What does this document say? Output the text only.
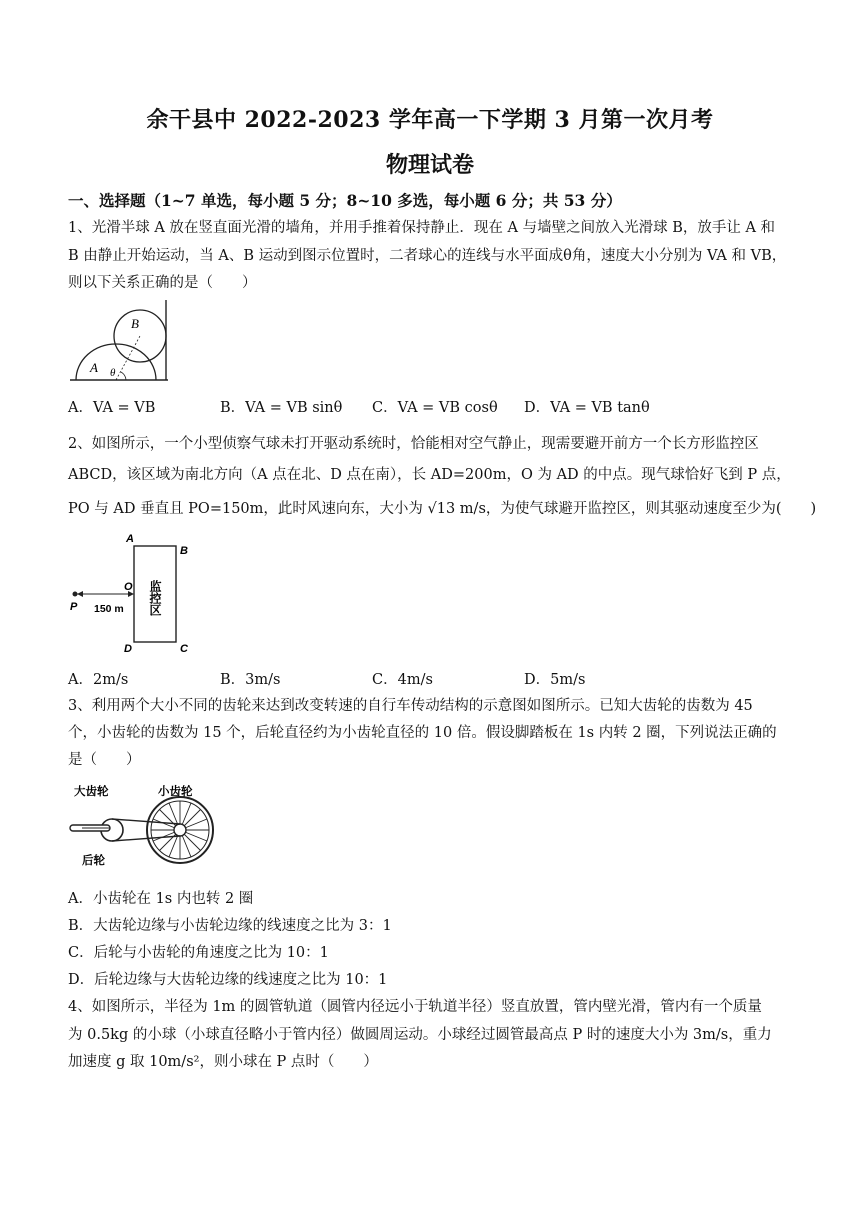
余干县中 2022-2023 学年高一下学期 3 月第一次月考
物理试卷
一、选择题（1~7 单选，每小题 5 分；8~10 多选，每小题 6 分；共 53 分）
1、光滑半球 A 放在竖直面光滑的墙角，并用手推着保持静止．现在 A 与墙壁之间放入光滑球 B，放手让 A 和
B 由静止开始运动，当 A、B 运动到图示位置时，二者球心的连线与水平面成θ角，速度大小分别为 VA 和 VB，
则以下关系正确的是（　　）
A
B
θ
A．VA = VB	B．VA = VB sinθ C．VA = VB cosθ D．VA = VB tanθ
2、如图所示，一个小型侦察气球未打开驱动系统时，恰能相对空气静止，现需要避开前方一个长方形监控区
ABCD，该区域为南北方向（A 点在北、D 点在南），长 AD=200m，O 为 AD 的中点。现气球恰好飞到 P 点，
PO 与 AD 垂直且 PO=150m，此时风速向东，大小为 √13 m/s，为使气球避开监控区，则其驱动速度至少为(　　)
A
B
C
D
O
P 150 m 监控区
A．2m/s	B．3m/s	C．4m/s	D．5m/s
3、利用两个大小不同的齿轮来达到改变转速的自行车传动结构的示意图如图所示。已知大齿轮的齿数为 45
个，小齿轮的齿数为 15 个，后轮直径约为小齿轮直径的 10 倍。假设脚踏板在 1s 内转 2 圈，下列说法正确的
是（　　）
大齿轮	小齿轮
后轮
A．小齿轮在 1s 内也转 2 圈
B．大齿轮边缘与小齿轮边缘的线速度之比为 3：1
C．后轮与小齿轮的角速度之比为 10：1
D．后轮边缘与大齿轮边缘的线速度之比为 10：1
4、如图所示，半径为 1m 的圆管轨道（圆管内径远小于轨道半径）竖直放置，管内壁光滑，管内有一个质量
为 0.5kg 的小球（小球直径略小于管内径）做圆周运动。小球经过圆管最高点 P 时的速度大小为 3m/s，重力
加速度 g 取 10m/s²，则小球在 P 点时（　　）
